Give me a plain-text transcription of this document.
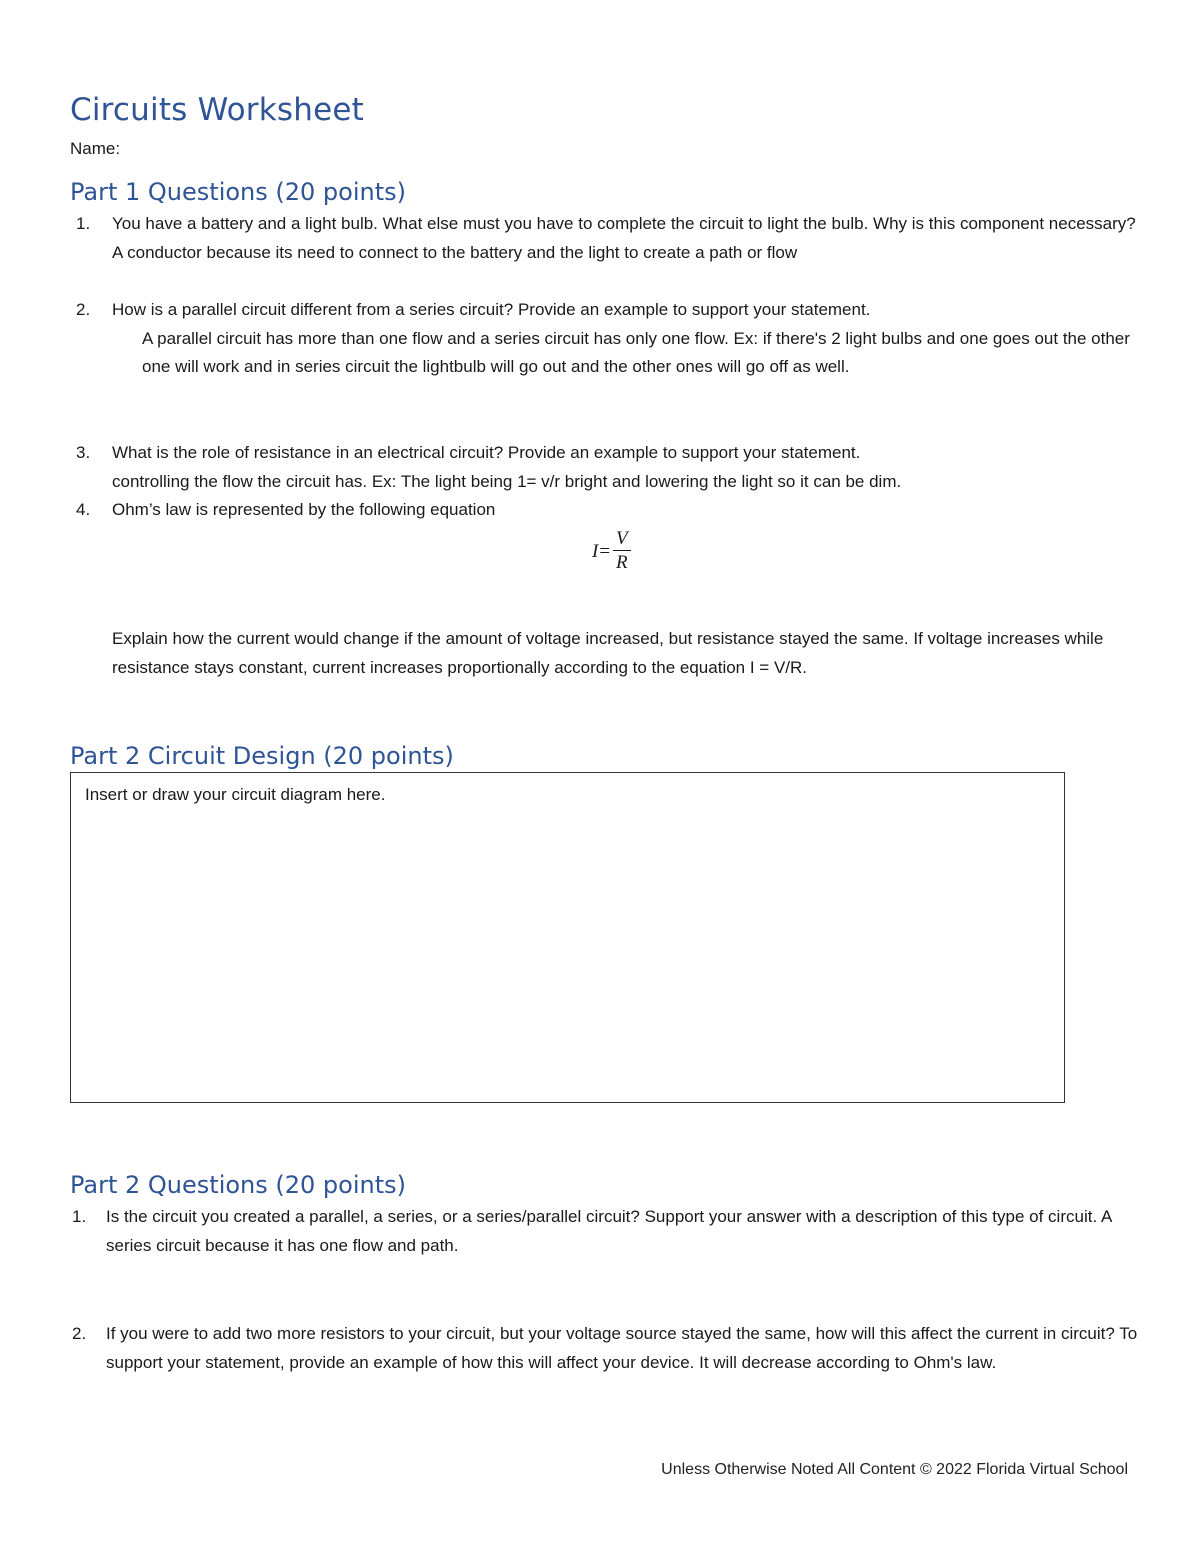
Circuits Worksheet
Name:
Part 1 Questions (20 points)
1. You have a battery and a light bulb. What else must you have to complete the circuit to light the bulb. Why is this component necessary? A conductor because its need to connect to the battery and the light to create a path or flow
2. How is a parallel circuit different from a series circuit? Provide an example to support your statement.
A parallel circuit has more than one flow and a series circuit has only one flow. Ex: if there's 2 light bulbs and one goes out the other one will work and in series circuit the lightbulb will go out and the other ones will go off as well.
3. What is the role of resistance in an electrical circuit? Provide an example to support your statement.
controlling the flow the circuit has. Ex: The light being 1= v/r bright and lowering the light so it can be dim.
4. Ohm’s law is represented by the following equation
$I = \frac{V}{R}$
Explain how the current would change if the amount of voltage increased, but resistance stayed the same. If voltage increases while resistance stays constant, current increases proportionally according to the equation I = V/R.
Part 2 Circuit Design (20 points)
Insert or draw your circuit diagram here.
Part 2 Questions (20 points)
1. Is the circuit you created a parallel, a series, or a series/parallel circuit? Support your answer with a description of this type of circuit. A series circuit because it has one flow and path.
2. If you were to add two more resistors to your circuit, but your voltage source stayed the same, how will this affect the current in circuit? To support your statement, provide an example of how this will affect your device. It will decrease according to Ohm's law.
Unless Otherwise Noted All Content © 2022 Florida Virtual School
